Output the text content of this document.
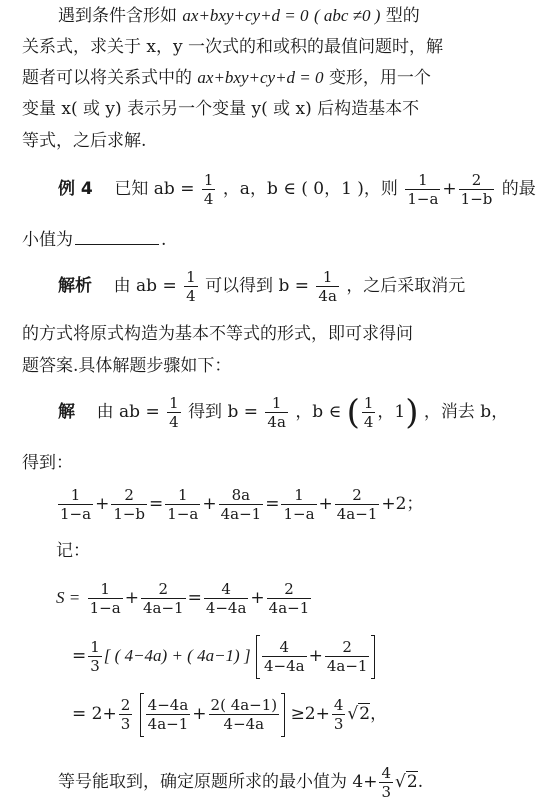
遇到条件含形如 ax+bxy+cy+d = 0 ( abc ≠0 ) 型的
关系式，求关于 x，y 一次式的和或积的最值问题时，解
题者可以将关系式中的 ax+bxy+cy+d = 0 变形，用一个
变量 x( 或 y) 表示另一个变量 y( 或 x) 后构造基本不
等式，之后求解.
例 4 已知 ab = $\frac{1}{4}$ ，a，b ∈ ( 0，1 )，则 $\frac{1}{1-a} + \frac{2}{1-b}$ 的最
小值为	.
解析 由 ab = $\frac{1}{4}$ 可以得到 $b = \frac{1}{4a}$ ，之后采取消元
的方式将原式构造为基本不等式的形式，即可求得问
题答案.具体解题步骤如下：
解 由 ab = $\frac{1}{4}$ 得到 $b = \frac{1}{4a}$ ，b ∈ ( $\frac{1}{4}$ ，1) ，消去 b，
得到：
$\frac{1}{1-a} + \frac{2}{1-b} = \frac{1}{1-a} + \frac{8a}{4a-1} = \frac{1}{1-a} + \frac{2}{4a-1} +2$；
记：
$S = \frac{1}{1-a} + \frac{2}{4a-1} = \frac{4}{4-4a} + \frac{2}{4a-1}$
= $\frac{1}{3}$ [ ( 4−4a) + ( 4a−1) ] $\frac{4}{4-4a} + \frac{2}{4a-1}$
= $2+ \frac{2}{3}$
$\frac{4-4a}{4a-1} + \frac{2( 4a-1)}{4-4a} \ge 2+ \frac{4}{3} √2$，
等号能取到，确定原题所求的最小值为 $4+ \frac{4}{3} √2$.
